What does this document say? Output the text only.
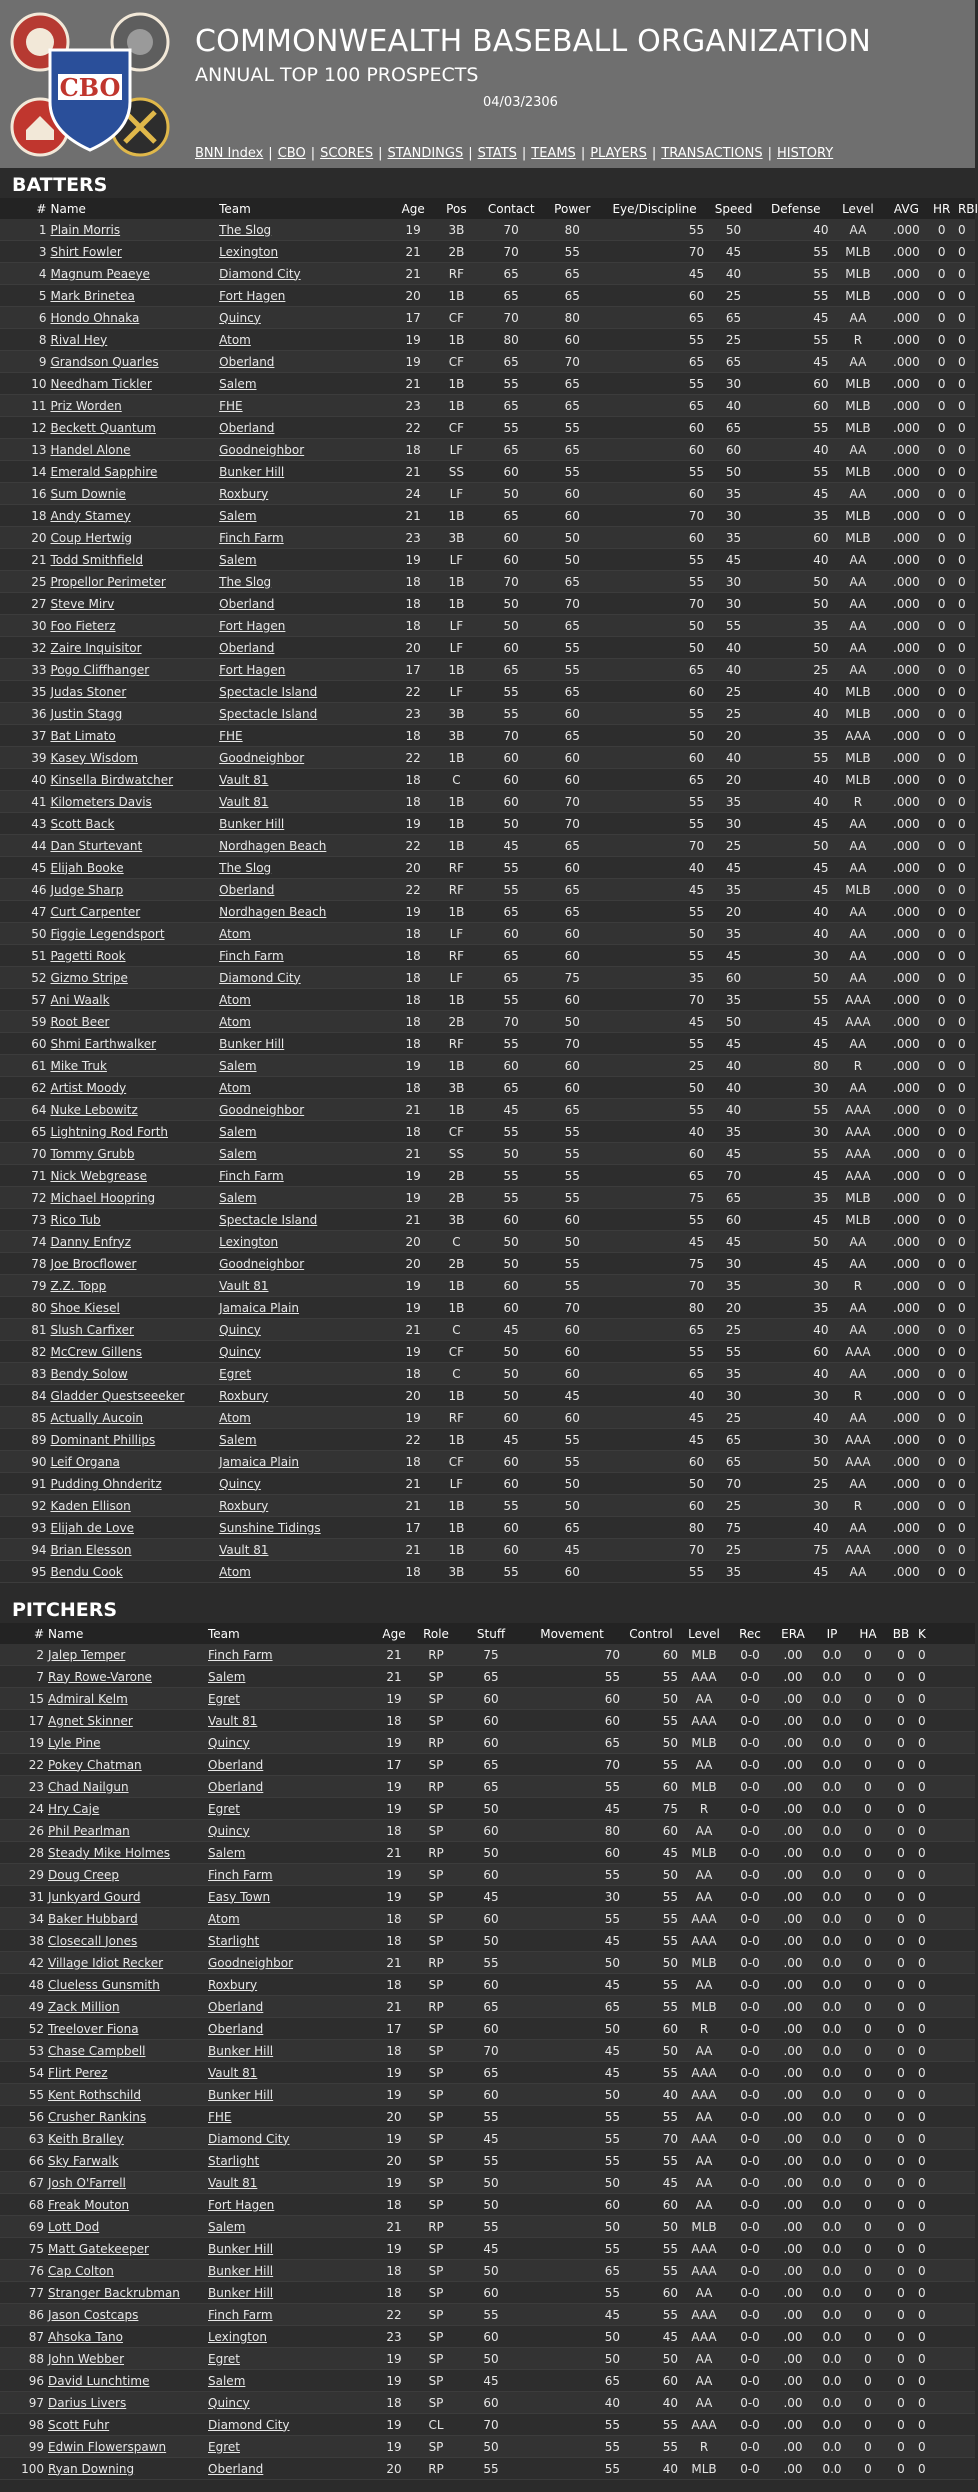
CBO
COMMONWEALTH BASEBALL ORGANIZATION
ANNUAL TOP 100 PROSPECTS
04/03/2306
BNN Index | CBO | SCORES | STANDINGS | STATS | TEAMS | PLAYERS | TRANSACTIONS | HISTORY
BATTERS
#	Name	Team	Age	Pos	Contact	Power	Eye/Discipline	Speed	Defense	Level	AVG	HR	RBI
1	Plain Morris	The Slog	19	3B	70	80	55	50	40	AA	.000	0	0
3	Shirt Fowler	Lexington	21	2B	70	55	70	45	55	MLB	.000	0	0
4	Magnum Peaeye	Diamond City	21	RF	65	65	45	40	55	MLB	.000	0	0
5	Mark Brinetea	Fort Hagen	20	1B	65	65	60	25	55	MLB	.000	0	0
6	Hondo Ohnaka	Quincy	17	CF	70	80	65	65	45	AA	.000	0	0
8	Rival Hey	Atom	19	1B	80	60	55	25	55	R	.000	0	0
9	Grandson Quarles	Oberland	19	CF	65	70	65	65	45	AA	.000	0	0
10	Needham Tickler	Salem	21	1B	55	65	55	30	60	MLB	.000	0	0
11	Priz Worden	FHE	23	1B	65	65	65	40	60	MLB	.000	0	0
12	Beckett Quantum	Oberland	22	CF	55	55	60	65	55	MLB	.000	0	0
13	Handel Alone	Goodneighbor	18	LF	65	65	60	60	40	AA	.000	0	0
14	Emerald Sapphire	Bunker Hill	21	SS	60	55	55	50	55	MLB	.000	0	0
16	Sum Downie	Roxbury	24	LF	50	60	60	35	45	AA	.000	0	0
18	Andy Stamey	Salem	21	1B	65	60	70	30	35	MLB	.000	0	0
20	Coup Hertwig	Finch Farm	23	3B	60	50	60	35	60	MLB	.000	0	0
21	Todd Smithfield	Salem	19	LF	60	50	55	45	40	AA	.000	0	0
25	Propellor Perimeter	The Slog	18	1B	70	65	55	30	50	AA	.000	0	0
27	Steve Mirv	Oberland	18	1B	50	70	70	30	50	AA	.000	0	0
30	Foo Fieterz	Fort Hagen	18	LF	50	65	50	55	35	AA	.000	0	0
32	Zaire Inquisitor	Oberland	20	LF	60	55	50	40	50	AA	.000	0	0
33	Pogo Cliffhanger	Fort Hagen	17	1B	65	55	65	40	25	AA	.000	0	0
35	Judas Stoner	Spectacle Island	22	LF	55	65	60	25	40	MLB	.000	0	0
36	Justin Stagg	Spectacle Island	23	3B	55	60	55	25	40	MLB	.000	0	0
37	Bat Limato	FHE	18	3B	70	65	50	20	35	AAA	.000	0	0
39	Kasey Wisdom	Goodneighbor	22	1B	60	60	60	40	55	MLB	.000	0	0
40	Kinsella Birdwatcher	Vault 81	18	C	60	60	65	20	40	MLB	.000	0	0
41	Kilometers Davis	Vault 81	18	1B	60	70	55	35	40	R	.000	0	0
43	Scott Back	Bunker Hill	19	1B	50	70	55	30	45	AA	.000	0	0
44	Dan Sturtevant	Nordhagen Beach	22	1B	45	65	70	25	50	AA	.000	0	0
45	Elijah Booke	The Slog	20	RF	55	60	40	45	45	AA	.000	0	0
46	Judge Sharp	Oberland	22	RF	55	65	45	35	45	MLB	.000	0	0
47	Curt Carpenter	Nordhagen Beach	19	1B	65	65	55	20	40	AA	.000	0	0
50	Figgie Legendsport	Atom	18	LF	60	60	50	35	40	AA	.000	0	0
51	Pagetti Rook	Finch Farm	18	RF	65	60	55	45	30	AA	.000	0	0
52	Gizmo Stripe	Diamond City	18	LF	65	75	35	60	50	AA	.000	0	0
57	Ani Waalk	Atom	18	1B	55	60	70	35	55	AAA	.000	0	0
59	Root Beer	Atom	18	2B	70	50	45	50	45	AAA	.000	0	0
60	Shmi Earthwalker	Bunker Hill	18	RF	55	70	55	45	45	AA	.000	0	0
61	Mike Truk	Salem	19	1B	60	60	25	40	80	R	.000	0	0
62	Artist Moody	Atom	18	3B	65	60	50	40	30	AA	.000	0	0
64	Nuke Lebowitz	Goodneighbor	21	1B	45	65	55	40	55	AAA	.000	0	0
65	Lightning Rod Forth	Salem	18	CF	55	55	40	35	30	AAA	.000	0	0
70	Tommy Grubb	Salem	21	SS	50	55	60	45	55	AAA	.000	0	0
71	Nick Webgrease	Finch Farm	19	2B	55	55	65	70	45	AAA	.000	0	0
72	Michael Hoopring	Salem	19	2B	55	55	75	65	35	MLB	.000	0	0
73	Rico Tub	Spectacle Island	21	3B	60	60	55	60	45	MLB	.000	0	0
74	Danny Enfryz	Lexington	20	C	50	50	45	45	50	AA	.000	0	0
78	Joe Brocflower	Goodneighbor	20	2B	50	55	75	30	45	AA	.000	0	0
79	Z.Z. Topp	Vault 81	19	1B	60	55	70	35	30	R	.000	0	0
80	Shoe Kiesel	Jamaica Plain	19	1B	60	70	80	20	35	AA	.000	0	0
81	Slush Carfixer	Quincy	21	C	45	60	65	25	40	AA	.000	0	0
82	McCrew Gillens	Quincy	19	CF	50	60	55	55	60	AAA	.000	0	0
83	Bendy Solow	Egret	18	C	50	60	65	35	40	AA	.000	0	0
84	Gladder Questseeeker	Roxbury	20	1B	50	45	40	30	30	R	.000	0	0
85	Actually Aucoin	Atom	19	RF	60	60	45	25	40	AA	.000	0	0
89	Dominant Phillips	Salem	22	1B	45	55	45	65	30	AAA	.000	0	0
90	Leif Organa	Jamaica Plain	18	CF	60	55	60	65	50	AAA	.000	0	0
91	Pudding Ohnderitz	Quincy	21	LF	60	50	50	70	25	AA	.000	0	0
92	Kaden Ellison	Roxbury	21	1B	55	50	60	25	30	R	.000	0	0
93	Elijah de Love	Sunshine Tidings	17	1B	60	65	80	75	40	AA	.000	0	0
94	Brian Elesson	Vault 81	21	1B	60	45	70	25	75	AAA	.000	0	0
95	Bendu Cook	Atom	18	3B	55	60	55	35	45	AA	.000	0	0
PITCHERS
#	Name	Team	Age	Role	Stuff	Movement	Control	Level	Rec	ERA	IP	HA	BB	K
2	Jalep Temper	Finch Farm	21	RP	75	70	60	MLB	0-0	.00	0.0	0	0	0
7	Ray Rowe-Varone	Salem	21	SP	65	55	55	AAA	0-0	.00	0.0	0	0	0
15	Admiral Kelm	Egret	19	SP	60	60	50	AA	0-0	.00	0.0	0	0	0
17	Agnet Skinner	Vault 81	18	SP	60	60	55	AAA	0-0	.00	0.0	0	0	0
19	Lyle Pine	Quincy	19	RP	60	65	50	MLB	0-0	.00	0.0	0	0	0
22	Pokey Chatman	Oberland	17	SP	65	70	55	AA	0-0	.00	0.0	0	0	0
23	Chad Nailgun	Oberland	19	RP	65	55	60	MLB	0-0	.00	0.0	0	0	0
24	Hry Caje	Egret	19	SP	50	45	75	R	0-0	.00	0.0	0	0	0
26	Phil Pearlman	Quincy	18	SP	60	80	60	AA	0-0	.00	0.0	0	0	0
28	Steady Mike Holmes	Salem	21	RP	50	60	45	MLB	0-0	.00	0.0	0	0	0
29	Doug Creep	Finch Farm	19	SP	60	55	50	AA	0-0	.00	0.0	0	0	0
31	Junkyard Gourd	Easy Town	19	SP	45	30	55	AA	0-0	.00	0.0	0	0	0
34	Baker Hubbard	Atom	18	SP	60	55	55	AAA	0-0	.00	0.0	0	0	0
38	Closecall Jones	Starlight	18	SP	50	45	55	AAA	0-0	.00	0.0	0	0	0
42	Village Idiot Recker	Goodneighbor	21	RP	55	50	50	MLB	0-0	.00	0.0	0	0	0
48	Clueless Gunsmith	Roxbury	18	SP	60	45	55	AA	0-0	.00	0.0	0	0	0
49	Zack Million	Oberland	21	RP	65	65	55	MLB	0-0	.00	0.0	0	0	0
52	Treelover Fiona	Oberland	17	SP	60	50	60	R	0-0	.00	0.0	0	0	0
53	Chase Campbell	Bunker Hill	18	SP	70	45	50	AA	0-0	.00	0.0	0	0	0
54	Flirt Perez	Vault 81	19	SP	65	45	55	AAA	0-0	.00	0.0	0	0	0
55	Kent Rothschild	Bunker Hill	19	SP	60	50	40	AAA	0-0	.00	0.0	0	0	0
56	Crusher Rankins	FHE	20	SP	55	55	55	AA	0-0	.00	0.0	0	0	0
63	Keith Bralley	Diamond City	19	SP	45	55	70	AAA	0-0	.00	0.0	0	0	0
66	Sky Farwalk	Starlight	20	SP	55	55	55	AA	0-0	.00	0.0	0	0	0
67	Josh O'Farrell	Vault 81	19	SP	50	50	45	AA	0-0	.00	0.0	0	0	0
68	Freak Mouton	Fort Hagen	18	SP	50	60	60	AA	0-0	.00	0.0	0	0	0
69	Lott Dod	Salem	21	RP	55	50	50	MLB	0-0	.00	0.0	0	0	0
75	Matt Gatekeeper	Bunker Hill	19	SP	45	55	55	AAA	0-0	.00	0.0	0	0	0
76	Cap Colton	Bunker Hill	18	SP	50	65	55	AAA	0-0	.00	0.0	0	0	0
77	Stranger Backrubman	Bunker Hill	18	SP	60	55	60	AA	0-0	.00	0.0	0	0	0
86	Jason Costcaps	Finch Farm	22	SP	55	45	55	AAA	0-0	.00	0.0	0	0	0
87	Ahsoka Tano	Lexington	23	SP	60	50	45	AAA	0-0	.00	0.0	0	0	0
88	John Webber	Egret	19	SP	50	50	50	AA	0-0	.00	0.0	0	0	0
96	David Lunchtime	Salem	19	SP	45	65	60	AA	0-0	.00	0.0	0	0	0
97	Darius Livers	Quincy	18	SP	60	40	40	AA	0-0	.00	0.0	0	0	0
98	Scott Fuhr	Diamond City	19	CL	70	55	55	AAA	0-0	.00	0.0	0	0	0
99	Edwin Flowerspawn	Egret	19	SP	50	55	55	R	0-0	.00	0.0	0	0	0
100	Ryan Downing	Oberland	20	RP	55	55	40	MLB	0-0	.00	0.0	0	0	0
